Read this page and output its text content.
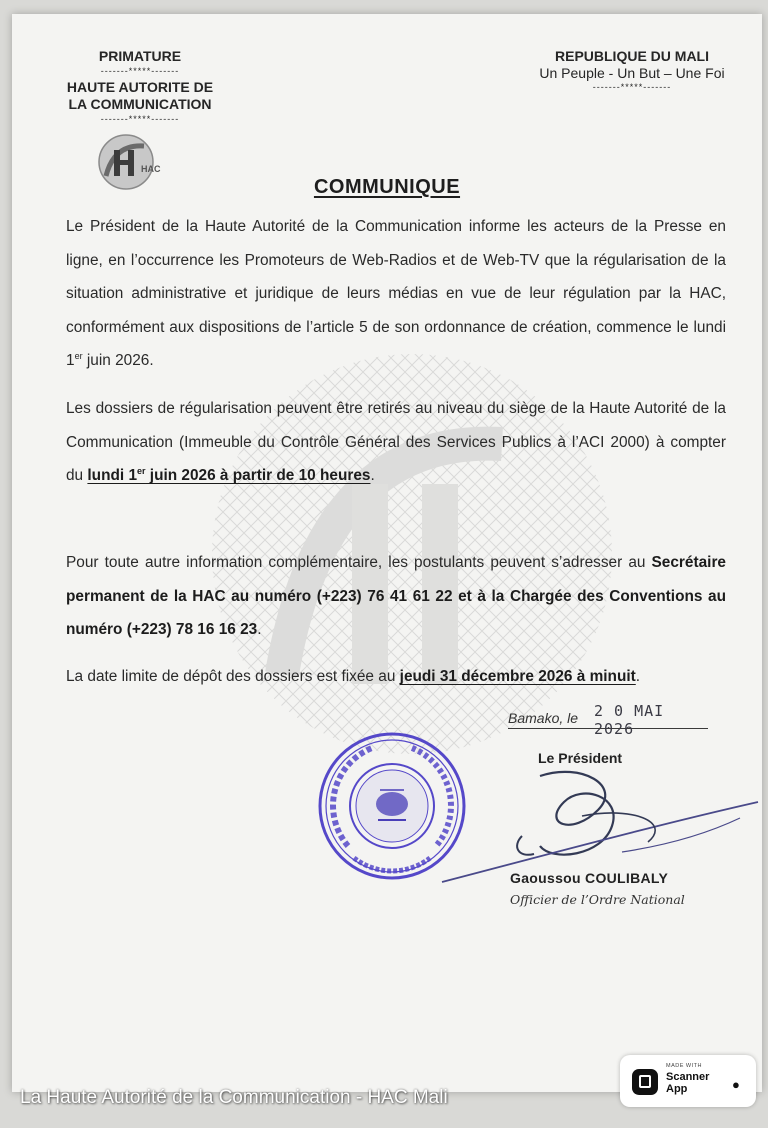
PRIMATURE
-------*****-------
HAUTE AUTORITE DE
LA COMMUNICATION
-------*****-------
REPUBLIQUE DU MALI
Un Peuple - Un But – Une Foi
-------*****-------
HAC
COMMUNIQUE
Le Président de la Haute Autorité de la Communication informe les acteurs de la Presse en ligne, en l’occurrence les Promoteurs de Web-Radios et de Web-TV que la régularisation de la situation administrative et juridique de leurs médias en vue de leur régulation par la HAC, conformément aux dispositions de l’article 5 de son ordonnance de création, commence le lundi 1er juin 2026.
Les dossiers de régularisation peuvent être retirés au niveau du siège de la Haute Autorité de la Communication (Immeuble du Contrôle Général des Services Publics à l’ACI 2000) à compter du lundi 1er juin 2026 à partir de 10 heures.
Pour toute autre information complémentaire, les postulants peuvent s’adresser au Secrétaire permanent de la HAC au numéro (+223) 76 41 61 22 et à la Chargée des Conventions au numéro (+223) 78 16 16 23.
La date limite de dépôt des dossiers est fixée au jeudi 31 décembre 2026 à minuit.
Bamako, le 2 0 MAI 2026
Le Président
Gaoussou COULIBALY
Officier de l’Ordre National
La Haute Autorité de la Communication - HAC Mali
MADE WITH
Scanner App	●
